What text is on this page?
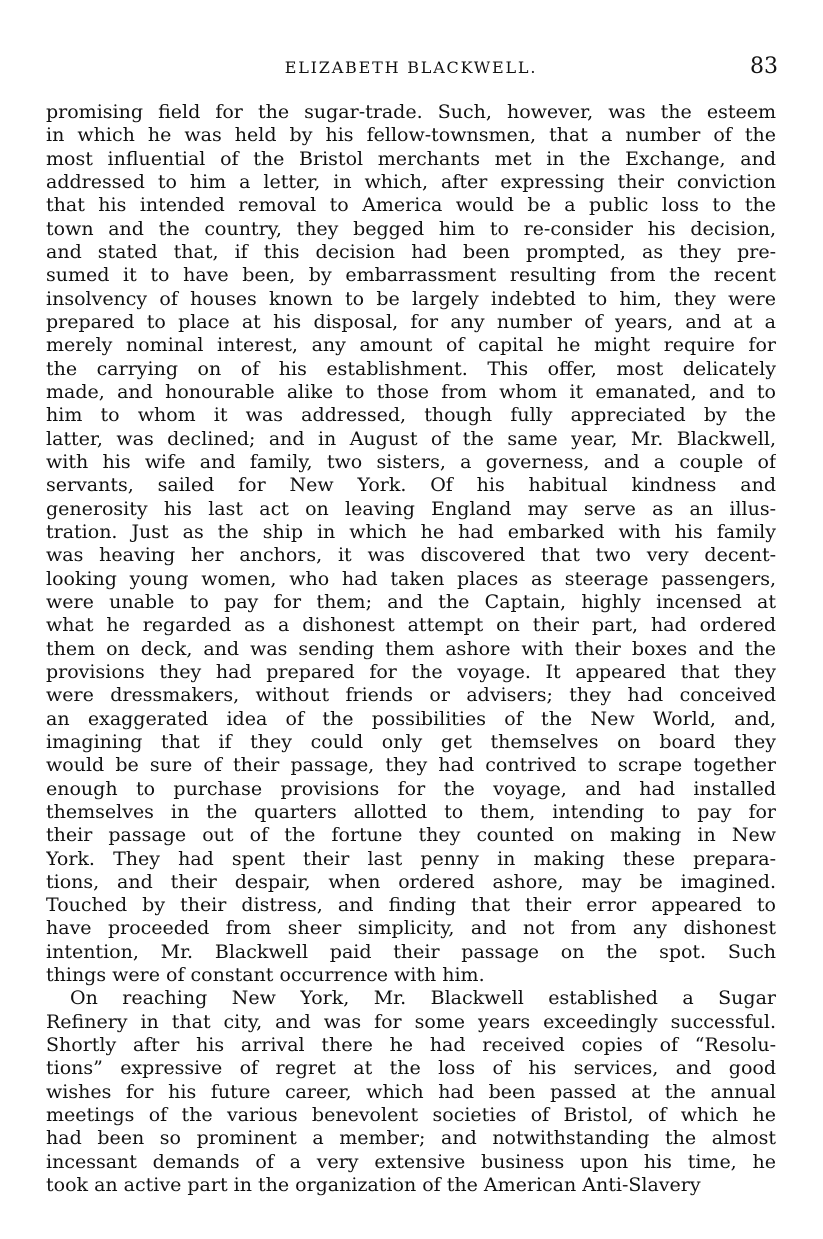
ELIZABETH BLACKWELL.	83

promising field for the sugar-trade. Such, however, was the esteem
in which he was held by his fellow-townsmen, that a number of the
most influential of the Bristol merchants met in the Exchange, and
addressed to him a letter, in which, after expressing their conviction
that his intended removal to America would be a public loss to the
town and the country, they begged him to re-consider his decision,
and stated that, if this decision had been prompted, as they pre-
sumed it to have been, by embarrassment resulting from the recent
insolvency of houses known to be largely indebted to him, they were
prepared to place at his disposal, for any number of years, and at a
merely nominal interest, any amount of capital he might require for
the carrying on of his establishment. This offer, most delicately
made, and honourable alike to those from whom it emanated, and to
him to whom it was addressed, though fully appreciated by the
latter, was declined; and in August of the same year, Mr. Blackwell,
with his wife and family, two sisters, a governess, and a couple of
servants, sailed for New York. Of his habitual kindness and
generosity his last act on leaving England may serve as an illus-
tration. Just as the ship in which he had embarked with his family
was heaving her anchors, it was discovered that two very decent-
looking young women, who had taken places as steerage passengers,
were unable to pay for them; and the Captain, highly incensed at
what he regarded as a dishonest attempt on their part, had ordered
them on deck, and was sending them ashore with their boxes and the
provisions they had prepared for the voyage. It appeared that they
were dressmakers, without friends or advisers; they had conceived
an exaggerated idea of the possibilities of the New World, and,
imagining that if they could only get themselves on board they
would be sure of their passage, they had contrived to scrape together
enough to purchase provisions for the voyage, and had installed
themselves in the quarters allotted to them, intending to pay for
their passage out of the fortune they counted on making in New
York. They had spent their last penny in making these prepara-
tions, and their despair, when ordered ashore, may be imagined.
Touched by their distress, and finding that their error appeared to
have proceeded from sheer simplicity, and not from any dishonest
intention, Mr. Blackwell paid their passage on the spot. Such
things were of constant occurrence with him.

On reaching New York, Mr. Blackwell established a Sugar
Refinery in that city, and was for some years exceedingly successful.
Shortly after his arrival there he had received copies of “Resolu-
tions” expressive of regret at the loss of his services, and good
wishes for his future career, which had been passed at the annual
meetings of the various benevolent societies of Bristol, of which he
had been so prominent a member; and notwithstanding the almost
incessant demands of a very extensive business upon his time, he
took an active part in the organization of the American Anti-Slavery
